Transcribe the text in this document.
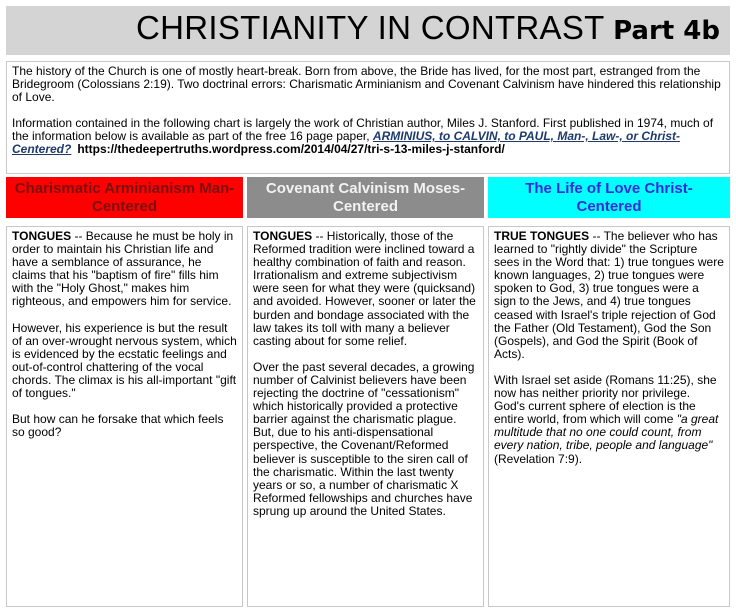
CHRISTIANITY IN CONTRAST Part 4b

The history of the Church is one of mostly heart-break. Born from above, the Bride has lived, for the most part, estranged from the Bridegroom (Colossians 2:19). Two doctrinal errors: Charismatic Arminianism and Covenant Calvinism have hindered this relationship of Love.

Information contained in the following chart is largely the work of Christian author, Miles J. Stanford. First published in 1974, much of the information below is available as part of the free 16 page paper, ARMINIUS, to CALVIN, to PAUL, Man-, Law-, or Christ-Centered? https://thedeepertruths.wordpress.com/2014/04/27/tri-s-13-miles-j-stanford/

Charismatic Arminianism Man-Centered
Covenant Calvinism Moses-Centered
The Life of Love Christ-Centered

TONGUES -- Because he must be holy in order to maintain his Christian life and have a semblance of assurance, he claims that his "baptism of fire" fills him with the "Holy Ghost," makes him righteous, and empowers him for service.

However, his experience is but the result of an over-wrought nervous system, which is evidenced by the ecstatic feelings and out-of-control chattering of the vocal chords. The climax is his all-important "gift of tongues."

But how can he forsake that which feels so good?

TONGUES -- Historically, those of the Reformed tradition were inclined toward a healthy combination of faith and reason. Irrationalism and extreme subjectivism were seen for what they were (quicksand) and avoided. However, sooner or later the burden and bondage associated with the law takes its toll with many a believer casting about for some relief.

Over the past several decades, a growing number of Calvinist believers have been rejecting the doctrine of "cessationism" which historically provided a protective barrier against the charismatic plague. But, due to his anti-dispensational perspective, the Covenant/Reformed believer is susceptible to the siren call of the charismatic. Within the last twenty years or so, a number of charismatic X Reformed fellowships and churches have sprung up around the United States.

TRUE TONGUES -- The believer who has learned to "rightly divide" the Scripture sees in the Word that: 1) true tongues were known languages, 2) true tongues were spoken to God, 3) true tongues were a sign to the Jews, and 4) true tongues ceased with Israel's triple rejection of God the Father (Old Testament), God the Son (Gospels), and God the Spirit (Book of Acts).

With Israel set aside (Romans 11:25), she now has neither priority nor privilege. God's current sphere of election is the entire world, from which will come "a great multitude that no one could count, from every nation, tribe, people and language" (Revelation 7:9).
